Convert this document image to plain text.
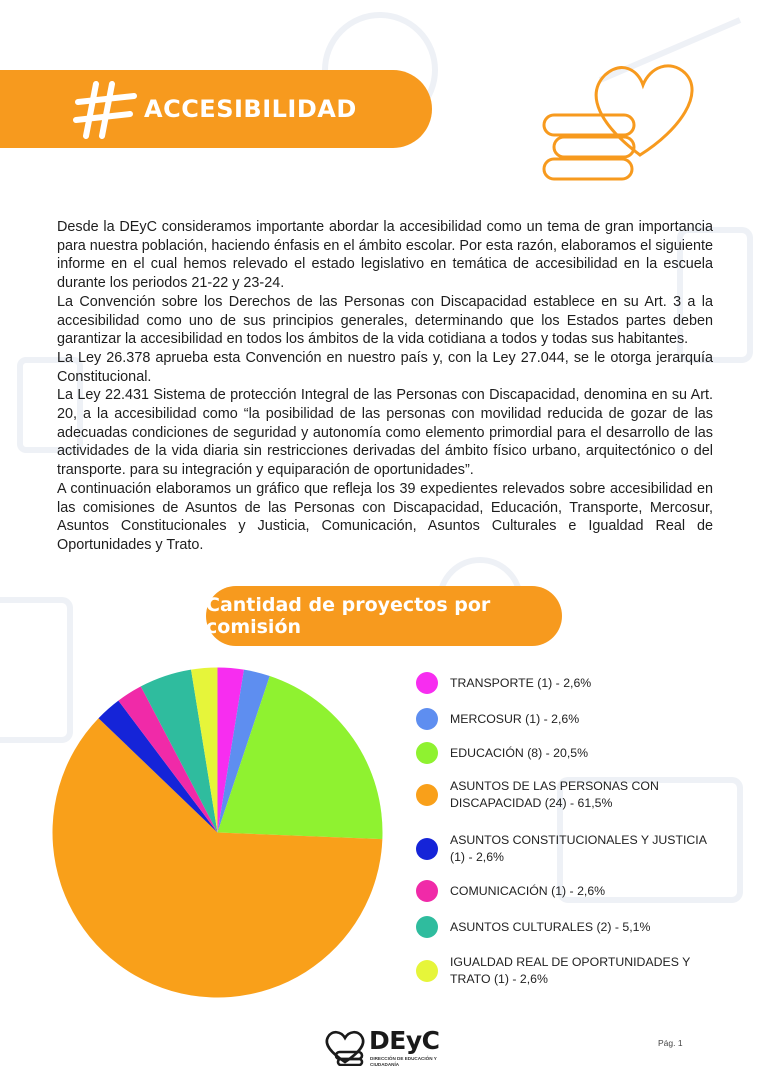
ACCESIBILIDAD

Desde la DEyC consideramos importante abordar la accesibilidad como un tema de gran importancia para nuestra población, haciendo énfasis en el ámbito escolar. Por esta razón, elaboramos el siguiente informe en el cual hemos relevado el estado legislativo en temática de accesibilidad en la escuela durante los periodos 21-22 y 23-24.

La Convención sobre los Derechos de las Personas con Discapacidad establece en su Art. 3 a la accesibilidad como uno de sus principios generales, determinando que los Estados partes deben garantizar la accesibilidad en todos los ámbitos de la vida cotidiana a todos y todas sus habitantes.

La Ley 26.378 aprueba esta Convención en nuestro país y, con la Ley 27.044, se le otorga jerarquía Constitucional.

La Ley 22.431 Sistema de protección Integral de las Personas con Discapacidad, denomina en su Art. 20, a la accesibilidad como “la posibilidad de las personas con movilidad reducida de gozar de las adecuadas condiciones de seguridad y autonomía como elemento primordial para el desarrollo de las actividades de la vida diaria sin restricciones derivadas del ámbito físico urbano, arquitectónico o del transporte. para su integración y equiparación de oportunidades”.

A continuación elaboramos un gráfico que refleja los 39 expedientes relevados sobre accesibilidad en las comisiones de Asuntos de las Personas con Discapacidad, Educación, Transporte, Mercosur, Asuntos Constitucionales y Justicia, Comunicación, Asuntos Culturales e Igualdad Real de Oportunidades y Trato.

Cantidad de proyectos por comisión
TRANSPORTE (1) - 2,6%
MERCOSUR (1) - 2,6%
EDUCACIÓN (8) - 20,5%
ASUNTOS DE LAS PERSONAS CON DISCAPACIDAD (24) - 61,5%
ASUNTOS CONSTITUCIONALES Y JUSTICIA (1) - 2,6%
COMUNICACIÓN (1) - 2,6%
ASUNTOS CULTURALES (2) - 5,1%
IGUALDAD REAL DE OPORTUNIDADES Y TRATO (1) - 2,6%
DEyC
DIRECCIÓN DE EDUCACIÓN Y CIUDADANÍA
Pág. 1
